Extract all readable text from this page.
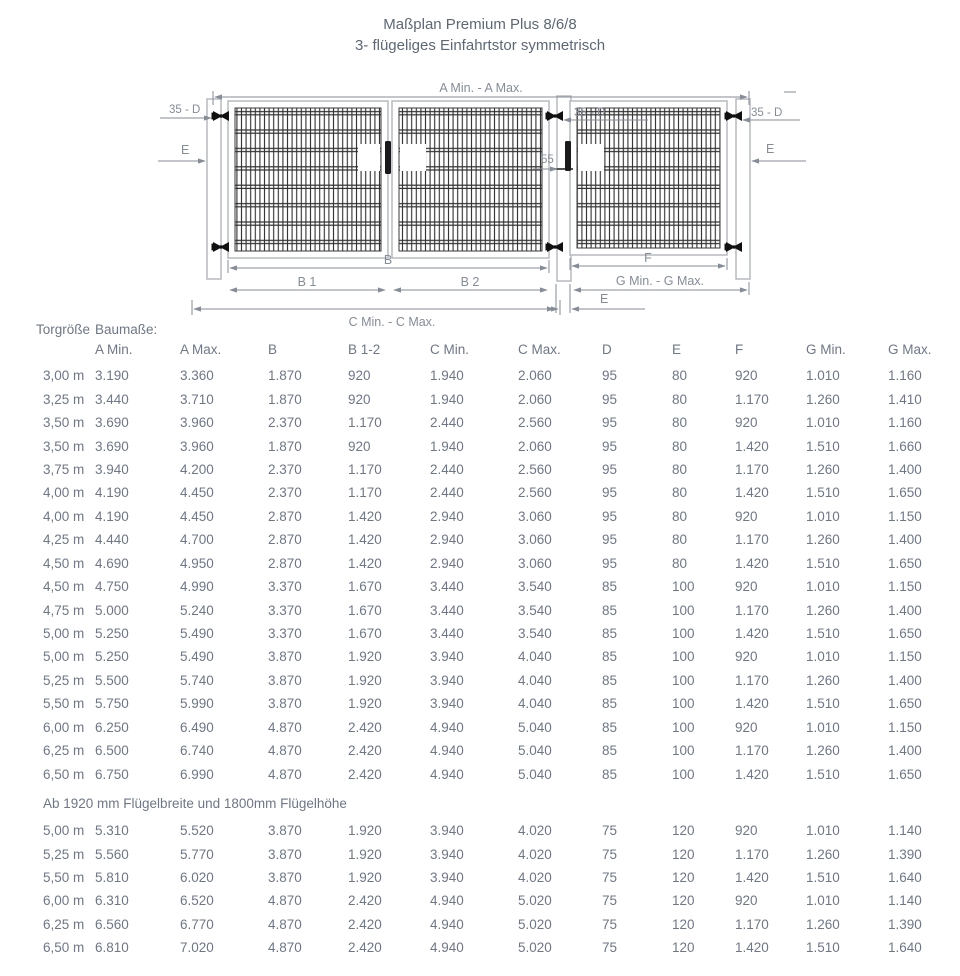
Maßplan Premium Plus 8/6/8
3- flügeliges Einfahrtstor symmetrisch
A Min. - A Max.
35 - D	35 - D	35 - D
E	E
55
B
B 1	B 2
F
G Min. - G Max.
C Min. - C Max.
E
Torgröße Baumaße:
A Min.	A Max.	B	B 1-2	C Min.	C Max.	D	E	F	G Min.	G Max.
3,00 m 3.190	3.360	1.870	920	1.940	2.060	95	80	920	1.010	1.160
3,25 m 3.440	3.710	1.870	920	1.940	2.060	95	80	1.170	1.260	1.410
3,50 m 3.690	3.960	2.370	1.170	2.440	2.560	95	80	920	1.010	1.160
3,50 m 3.690	3.960	1.870	920	1.940	2.060	95	80	1.420	1.510	1.660
3,75 m 3.940	4.200	2.370	1.170	2.440	2.560	95	80	1.170	1.260	1.400
4,00 m 4.190	4.450	2.370	1.170	2.440	2.560	95	80	1.420	1.510	1.650
4,00 m 4.190	4.450	2.870	1.420	2.940	3.060	95	80	920	1.010	1.150
4,25 m 4.440	4.700	2.870	1.420	2.940	3.060	95	80	1.170	1.260	1.400
4,50 m 4.690	4.950	2.870	1.420	2.940	3.060	95	80	1.420	1.510	1.650
4,50 m 4.750	4.990	3.370	1.670	3.440	3.540	85	100	920	1.010	1.150
4,75 m 5.000	5.240	3.370	1.670	3.440	3.540	85	100	1.170	1.260	1.400
5,00 m 5.250	5.490	3.370	1.670	3.440	3.540	85	100	1.420	1.510	1.650
5,00 m 5.250	5.490	3.870	1.920	3.940	4.040	85	100	920	1.010	1.150
5,25 m 5.500	5.740	3.870	1.920	3.940	4.040	85	100	1.170	1.260	1.400
5,50 m 5.750	5.990	3.870	1.920	3.940	4.040	85	100	1.420	1.510	1.650
6,00 m 6.250	6.490	4.870	2.420	4.940	5.040	85	100	920	1.010	1.150
6,25 m 6.500	6.740	4.870	2.420	4.940	5.040	85	100	1.170	1.260	1.400
6,50 m 6.750	6.990	4.870	2.420	4.940	5.040	85	100	1.420	1.510	1.650
Ab 1920 mm Flügelbreite und 1800mm Flügelhöhe
5,00 m 5.310	5.520	3.870	1.920	3.940	4.020	75	120	920	1.010	1.140
5,25 m 5.560	5.770	3.870	1.920	3.940	4.020	75	120	1.170	1.260	1.390
5,50 m 5.810	6.020	3.870	1.920	3.940	4.020	75	120	1.420	1.510	1.640
6,00 m 6.310	6.520	4.870	2.420	4.940	5.020	75	120	920	1.010	1.140
6,25 m 6.560	6.770	4.870	2.420	4.940	5.020	75	120	1.170	1.260	1.390
6,50 m 6.810	7.020	4.870	2.420	4.940	5.020	75	120	1.420	1.510	1.640
